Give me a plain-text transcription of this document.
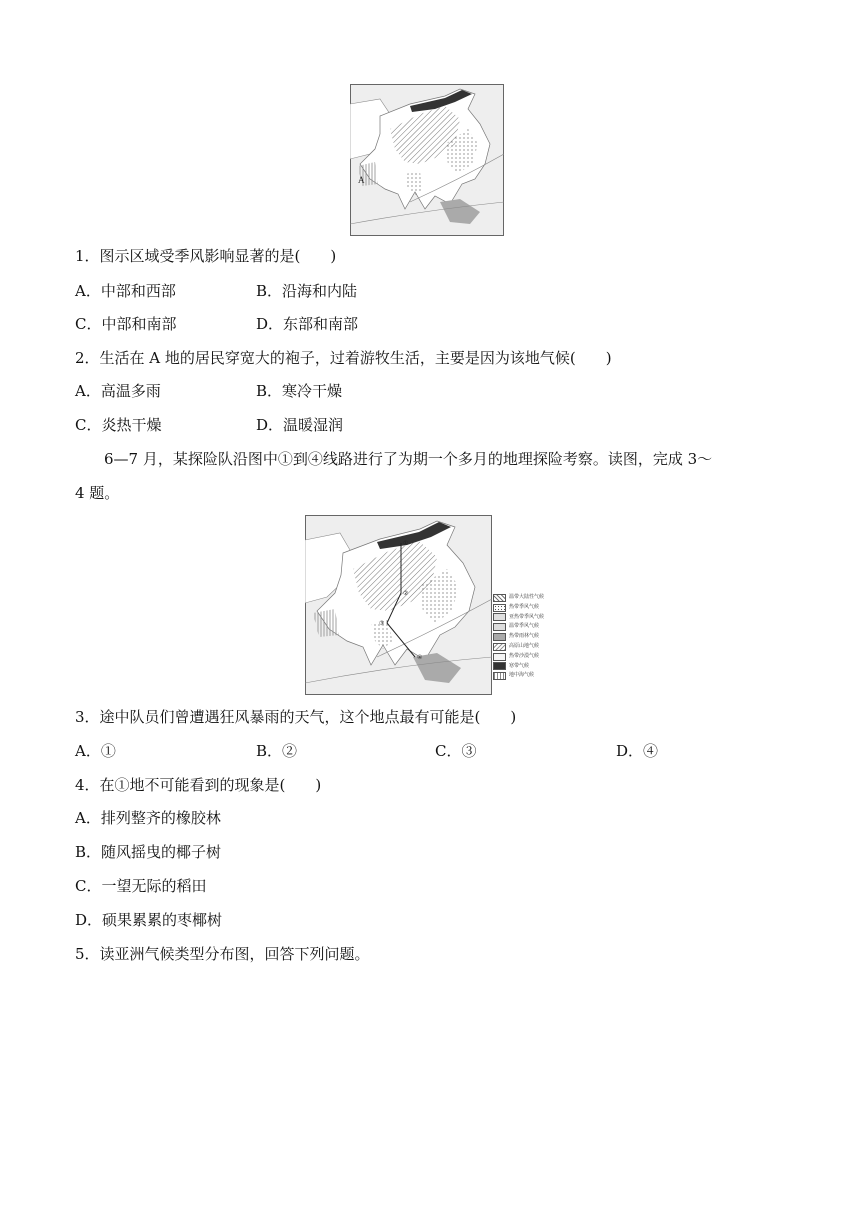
A
1．图示区域受季风影响显著的是(　　)
A．中部和西部	B．沿海和内陆
C．中部和南部	D．东部和南部
2．生活在 A 地的居民穿宽大的袍子，过着游牧生活，主要是因为该地气候(　　)
A．高温多雨	B．寒冷干燥
C．炎热干燥	D．温暖湿润
6—7 月，某探险队沿图中①到④线路进行了为期一个多月的地理探险考察。读图，完成 3～
4 题。
①
②
③
④
温带大陆性气候
热带季风气候
亚热带季风气候
温带季风气候
热带雨林气候
高原山地气候
热带沙漠气候
寒带气候
地中海气候
3．途中队员们曾遭遇狂风暴雨的天气，这个地点最有可能是(　　)
A．①	B．②	C．③	D．④
4．在①地不可能看到的现象是(　　)
A．排列整齐的橡胶林
B．随风摇曳的椰子树
C．一望无际的稻田
D．硕果累累的枣椰树
5．读亚洲气候类型分布图，回答下列问题。
